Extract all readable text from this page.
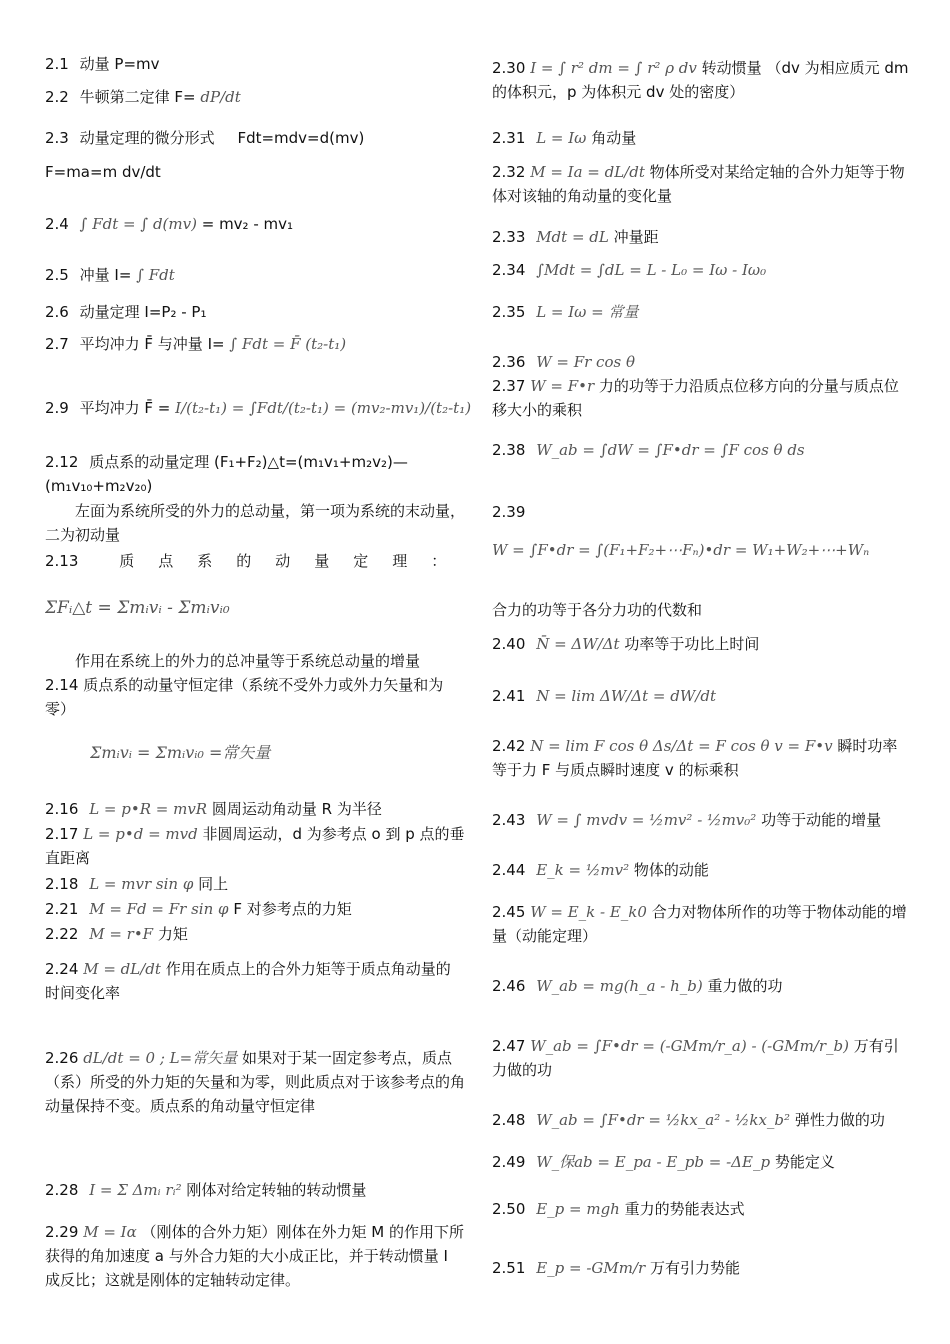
2.1 动量 P=mv
2.2 牛顿第二定律 F= dP/dt
2.3 动量定理的微分形式 Fdt=mdv=d(mv)
F=ma=m dv/dt
2.4 ∫ Fdt = ∫ d(mv) = mv₂ - mv₁
2.5 冲量 I= ∫ Fdt
2.6 动量定理 I=P₂ - P₁
2.7 平均冲力 F̄ 与冲量 I= ∫ Fdt = F̄ (t₂-t₁)
2.9 平均冲力 F̄ = I/(t₂-t₁) = ∫Fdt/(t₂-t₁) = (mv₂-mv₁)/(t₂-t₁)
2.12 质点系的动量定理 (F₁+F₂)△t=(m₁v₁+m₂v₂)—(m₁v₁₀+m₂v₂₀)
左面为系统所受的外力的总动量，第一项为系统的末动量，二为初动量
2.13	质点系的动量定理：
ΣFᵢ△t = Σmᵢvᵢ - Σmᵢvᵢ₀
作用在系统上的外力的总冲量等于系统总动量的增量
2.14 质点系的动量守恒定律（系统不受外力或外力矢量和为零）
Σmᵢvᵢ = Σmᵢvᵢ₀ =常矢量
2.16 L = p•R = mvR 圆周运动角动量 R 为半径
2.17 L = p•d = mvd 非圆周运动，d 为参考点 o 到 p 点的垂直距离
2.18 L = mvr sin φ 同上
2.21 M = Fd = Fr sin φ F 对参考点的力矩
2.22 M = r•F 力矩
2.24 M = dL/dt 作用在质点上的合外力矩等于质点角动量的时间变化率
2.26 dL/dt = 0 ; L=常矢量 如果对于某一固定参考点，质点（系）所受的外力矩的矢量和为零，则此质点对于该参考点的角动量保持不变。质点系的角动量守恒定律
2.28 I = Σ Δmᵢ rᵢ² 刚体对给定转轴的转动惯量
2.29 M = Iα （刚体的合外力矩）刚体在外力矩 M 的作用下所获得的角加速度 a 与外合力矩的大小成正比，并于转动惯量 I 成反比；这就是刚体的定轴转动定律。
2.30 I = ∫ r² dm = ∫ r² ρ dv 转动惯量 （dv 为相应质元 dm 的体积元，p 为体积元 dv 处的密度）
2.31 L = Iω 角动量
2.32 M = Ia = dL/dt 物体所受对某给定轴的合外力矩等于物体对该轴的角动量的变化量
2.33 Mdt = dL 冲量距
2.34 ∫Mdt = ∫dL = L - L₀ = Iω - Iω₀
2.35 L = Iω = 常量
2.36 W = Fr cos θ
2.37 W = F•r 力的功等于力沿质点位移方向的分量与质点位移大小的乘积
2.38 W_ab = ∫dW = ∫F•dr = ∫F cos θ ds
2.39
W = ∫F•dr = ∫(F₁+F₂+⋯Fₙ)•dr = W₁+W₂+⋯+Wₙ
合力的功等于各分力功的代数和
2.40 N̄ = ΔW/Δt 功率等于功比上时间
2.41 N = lim ΔW/Δt = dW/dt
2.42 N = lim F cos θ Δs/Δt = F cos θ v = F•v 瞬时功率等于力 F 与质点瞬时速度 v 的标乘积
2.43 W = ∫ mvdv = ½mv² - ½mv₀² 功等于动能的增量
2.44 E_k = ½mv² 物体的动能
2.45 W = E_k - E_k0 合力对物体所作的功等于物体动能的增量（动能定理）
2.46 W_ab = mg(h_a - h_b) 重力做的功
2.47 W_ab = ∫F•dr = (-GMm/r_a) - (-GMm/r_b) 万有引力做的功
2.48 W_ab = ∫F•dr = ½kx_a² - ½kx_b² 弹性力做的功
2.49 W_保ab = E_pa - E_pb = -ΔE_p 势能定义
2.50 E_p = mgh 重力的势能表达式
2.51 E_p = -GMm/r 万有引力势能
